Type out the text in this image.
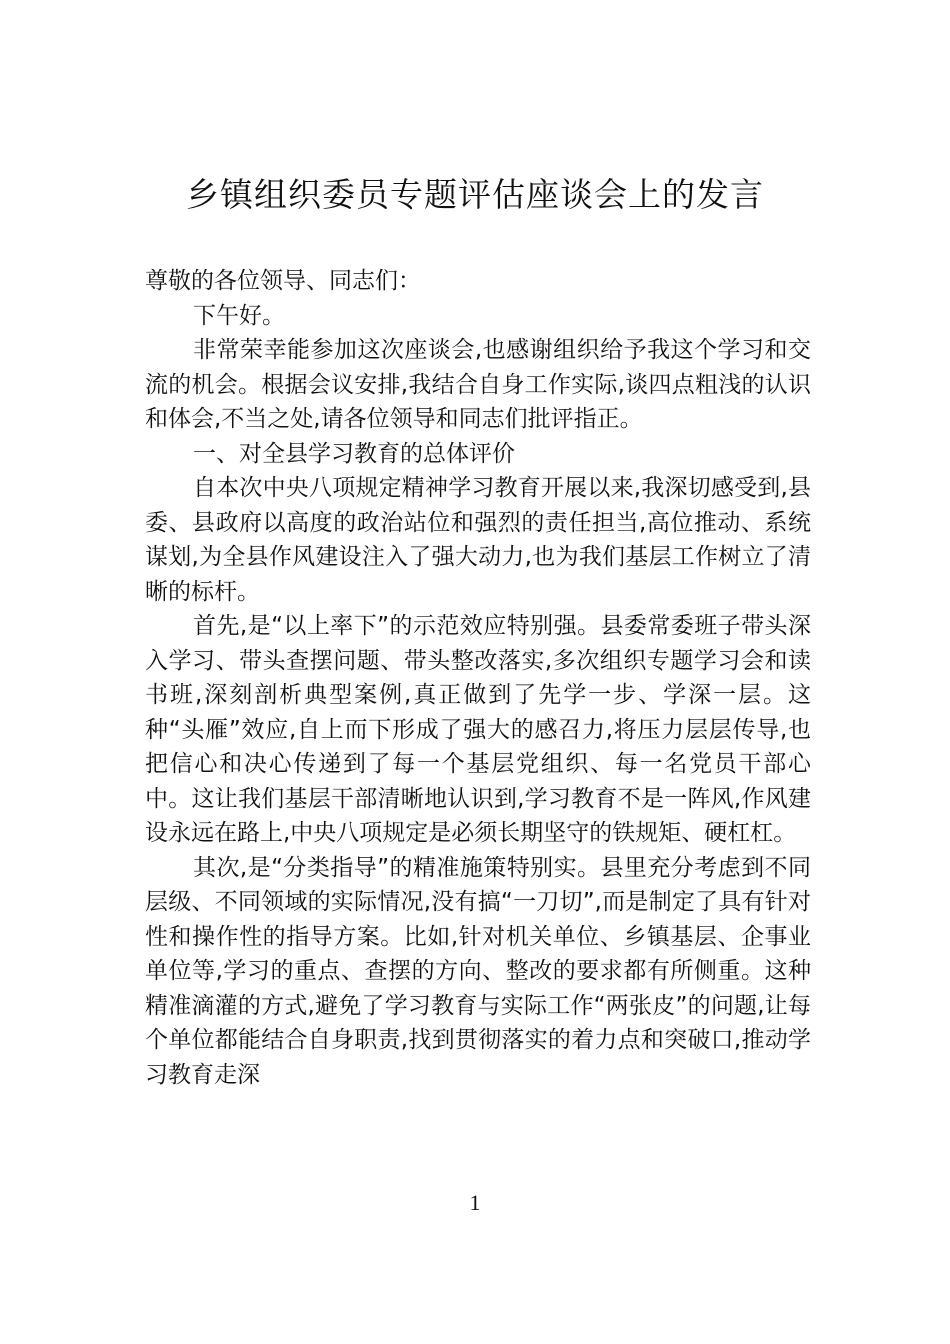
乡镇组织委员专题评估座谈会上的发言

尊敬的各位领导、同志们：

下午好。

非常荣幸能参加这次座谈会,也感谢组织给予我这个学习和交流的机会。根据会议安排,我结合自身工作实际,谈四点粗浅的认识和体会,不当之处,请各位领导和同志们批评指正。

一、对全县学习教育的总体评价

自本次中央八项规定精神学习教育开展以来,我深切感受到,县委、县政府以高度的政治站位和强烈的责任担当,高位推动、系统谋划,为全县作风建设注入了强大动力,也为我们基层工作树立了清晰的标杆。

首先,是“以上率下”的示范效应特别强。县委常委班子带头深入学习、带头查摆问题、带头整改落实,多次组织专题学习会和读书班,深刻剖析典型案例,真正做到了先学一步、学深一层。这种“头雁”效应,自上而下形成了强大的感召力,将压力层层传导,也把信心和决心传递到了每一个基层党组织、每一名党员干部心中。这让我们基层干部清晰地认识到,学习教育不是一阵风,作风建设永远在路上,中央八项规定是必须长期坚守的铁规矩、硬杠杠。

其次,是“分类指导”的精准施策特别实。县里充分考虑到不同层级、不同领域的实际情况,没有搞“一刀切”,而是制定了具有针对性和操作性的指导方案。比如,针对机关单位、乡镇基层、企事业单位等,学习的重点、查摆的方向、整改的要求都有所侧重。这种精准滴灌的方式,避免了学习教育与实际工作“两张皮”的问题,让每个单位都能结合自身职责,找到贯彻落实的着力点和突破口,推动学习教育走深

1
